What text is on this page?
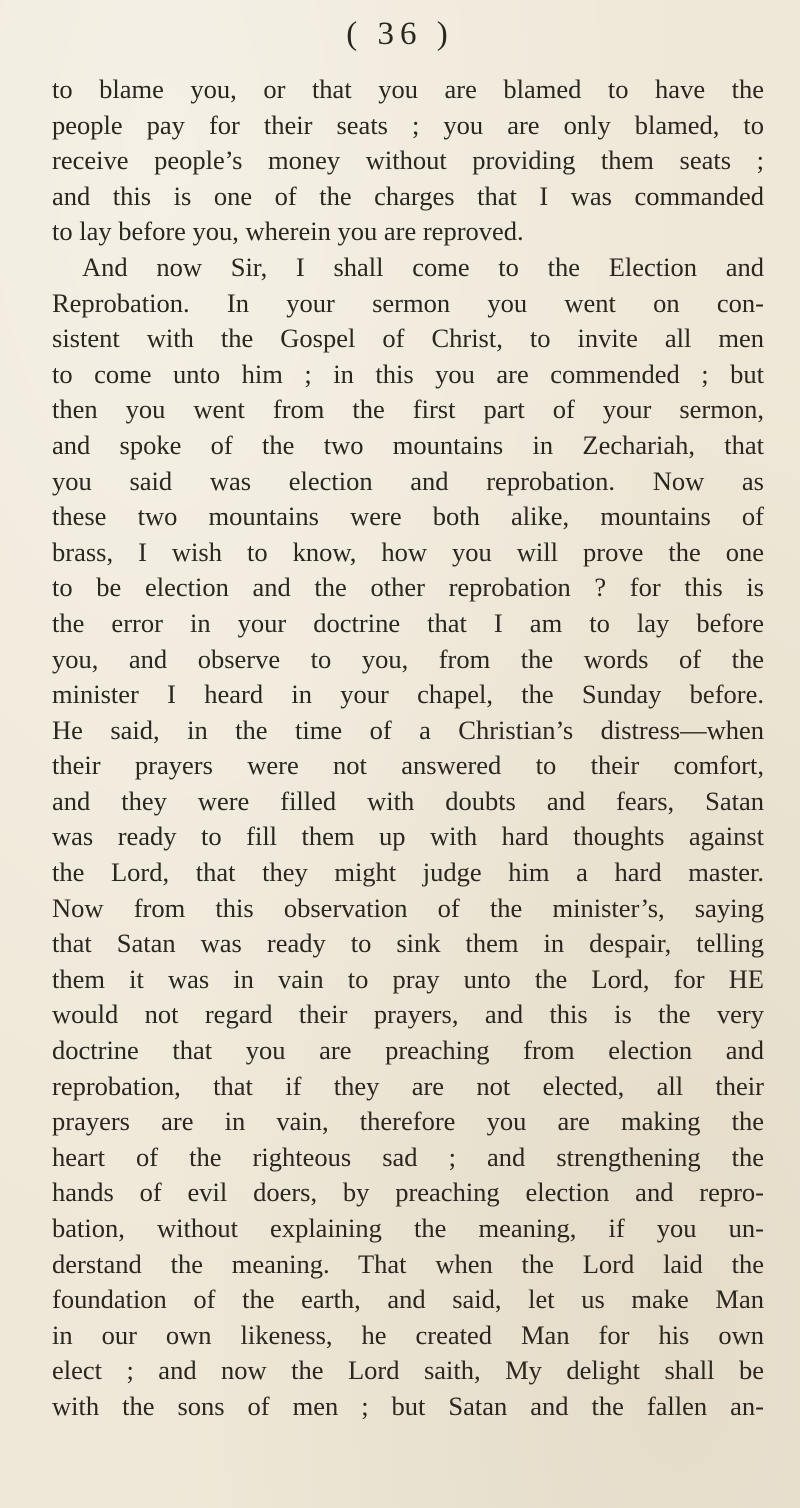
( 36 )
to blame you, or that you are blamed to have the
people pay for their seats ; you are only blamed, to
receive people’s money without providing them seats ;
and this is one of the charges that I was commanded
to lay before you, wherein you are reproved.
And now Sir, I shall come to the Election and
Reprobation. In your sermon you went on con-
sistent with the Gospel of Christ, to invite all men
to come unto him ; in this you are commended ; but
then you went from the first part of your sermon,
and spoke of the two mountains in Zechariah, that
you said was election and reprobation. Now as
these two mountains were both alike, mountains of
brass, I wish to know, how you will prove the one
to be election and the other reprobation ? for this is
the error in your doctrine that I am to lay before
you, and observe to you, from the words of the
minister I heard in your chapel, the Sunday before.
He said, in the time of a Christian’s distress—when
their prayers were not answered to their comfort,
and they were filled with doubts and fears, Satan
was ready to fill them up with hard thoughts against
the Lord, that they might judge him a hard master.
Now from this observation of the minister’s, saying
that Satan was ready to sink them in despair, telling
them it was in vain to pray unto the Lord, for HE
would not regard their prayers, and this is the very
doctrine that you are preaching from election and
reprobation, that if they are not elected, all their
prayers are in vain, therefore you are making the
heart of the righteous sad ; and strengthening the
hands of evil doers, by preaching election and repro-
bation, without explaining the meaning, if you un-
derstand the meaning. That when the Lord laid the
foundation of the earth, and said, let us make Man
in our own likeness, he created Man for his own
elect ; and now the Lord saith, My delight shall be
with the sons of men ; but Satan and the fallen an-
